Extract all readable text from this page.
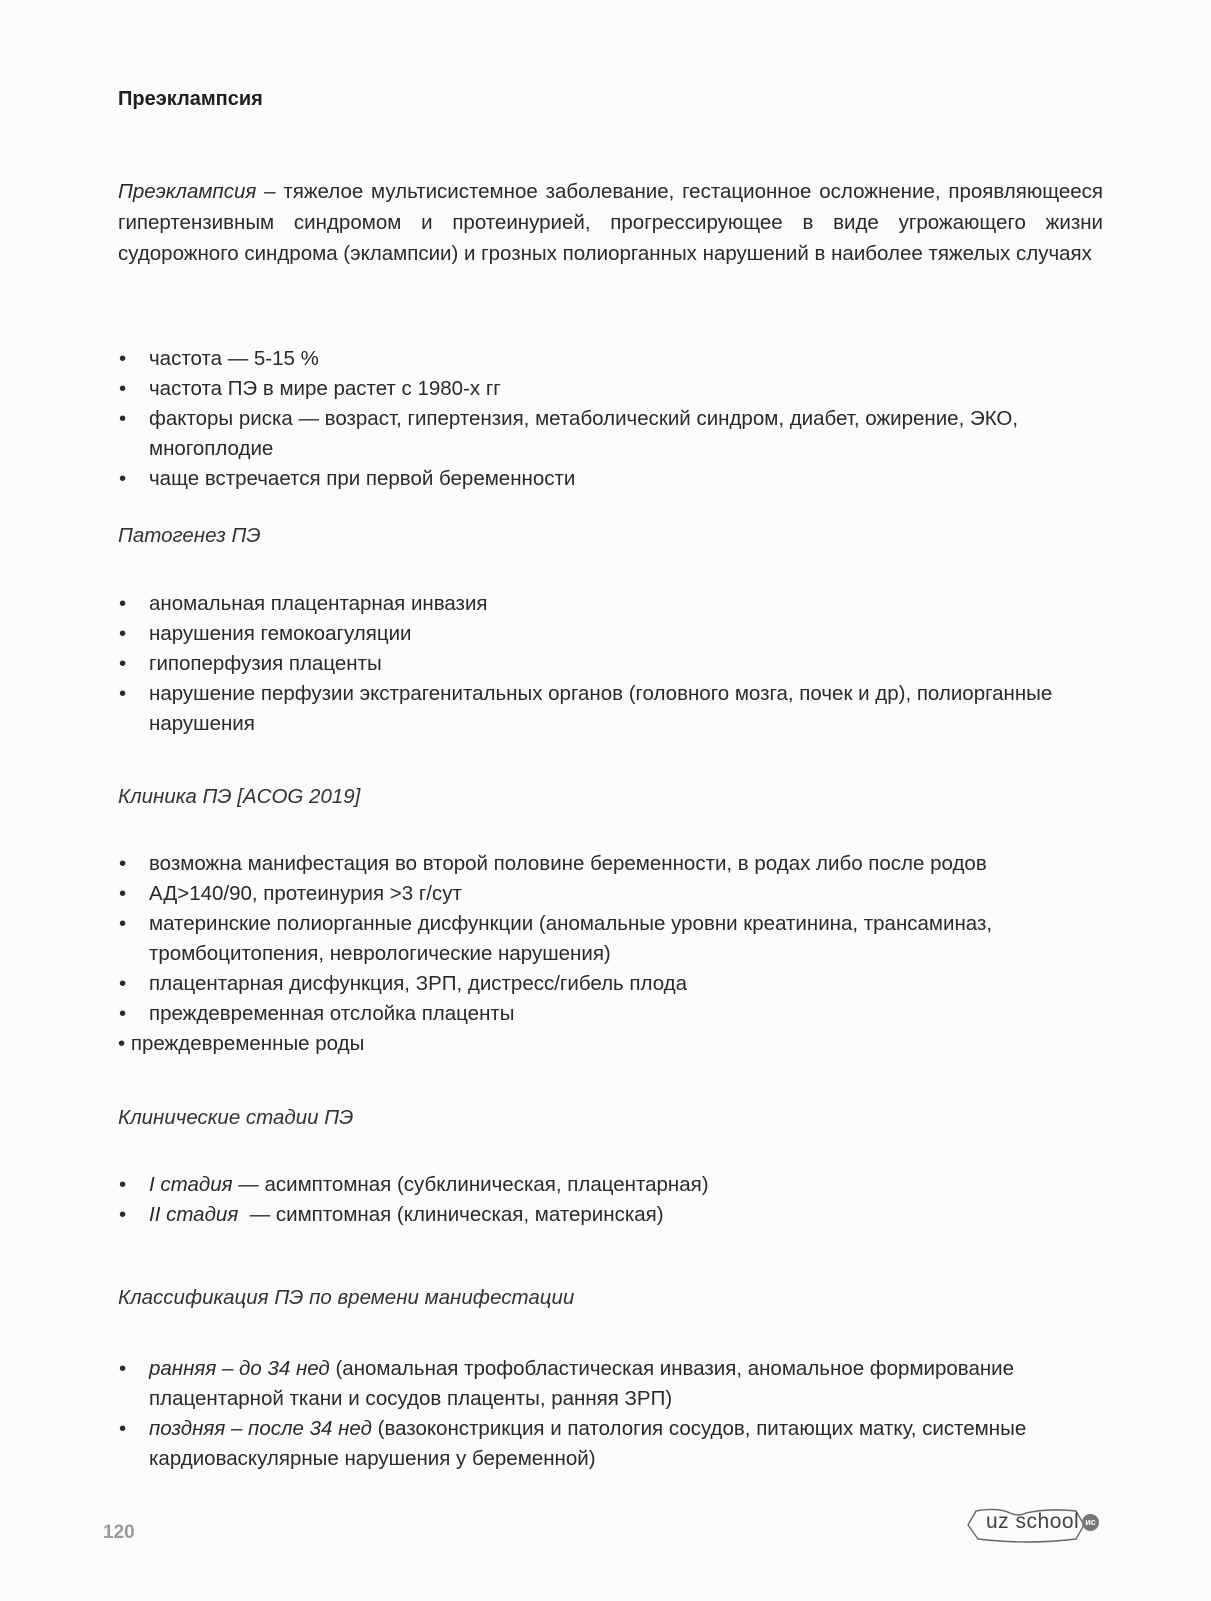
Преэклампсия

Преэклампсия – тяжелое мультисистемное заболевание, гестационное осложнение, проявляющееся гипертензивным синдромом и протеинурией, прогрессирующее в виде угрожающего жизни судорожного синдрома (эклампсии) и грозных полиорганных нарушений в наиболее тяжелых случаях

• частота — 5-15 %
• частота ПЭ в мире растет с 1980-х гг
• факторы риска — возраст, гипертензия, метаболический синдром, диабет, ожирение, ЭКО, многоплодие
• чаще встречается при первой беременности
Патогенез ПЭ
• аномальная плацентарная инвазия
• нарушения гемокоагуляции
• гипоперфузия плаценты
• нарушение перфузии экстрагенитальных органов (головного мозга, почек и др), полиорганные нарушения
Клиника ПЭ [ACOG 2019]
• возможна манифестация во второй половине беременности, в родах либо после родов
• АД>140/90, протеинурия >3 г/сут
• материнские полиорганные дисфункции (аномальные уровни креатинина, трансаминаз, тромбоцитопения, неврологические нарушения)
• плацентарная дисфункция, ЗРП, дистресс/гибель плода
• преждевременная отслойка плаценты
• преждевременные роды
Клинические стадии ПЭ
• I стадия — асимптомная (субклиническая, плацентарная)
• II стадия  — симптомная (клиническая, материнская)
Классификация ПЭ по времени манифестации
• ранняя – до 34 нед (аномальная трофобластическая инвазия, аномальное формирование плацентарной ткани и сосудов плаценты, ранняя ЗРП)
• поздняя – после 34 нед (вазоконстрикция и патология сосудов, питающих матку, системные кардиоваскулярные нарушения у беременной)
120	uz school ис
